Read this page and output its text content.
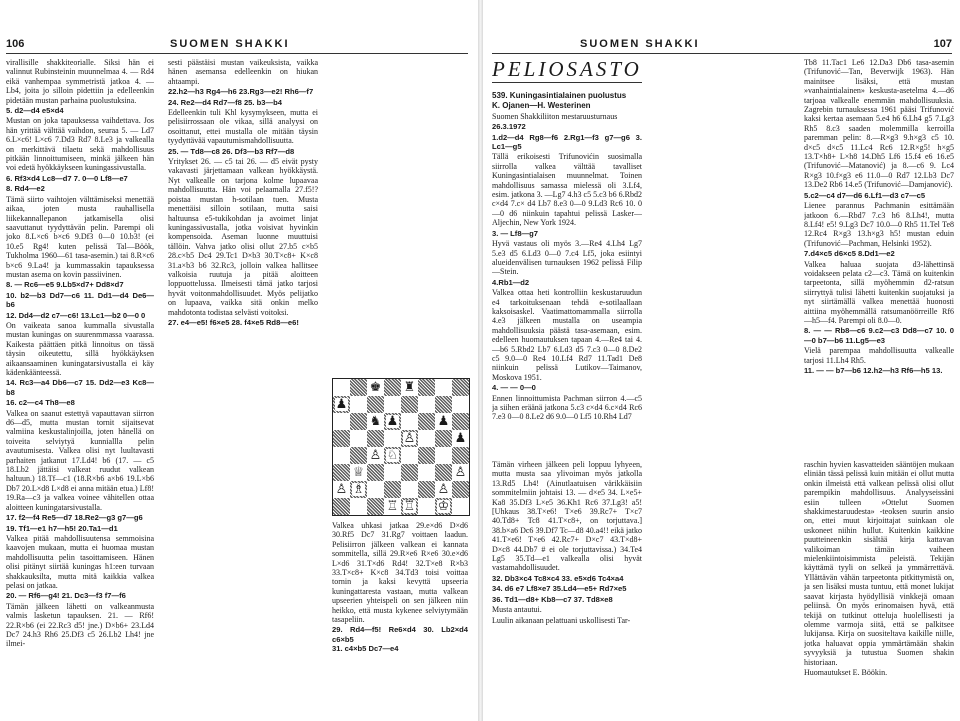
106	SUOMEN SHAKKI

virallisille shakkiteorialle. Siksi hän ei valinnut Rubinsteinin muunnelmaa 4. — Rd4 eikä vanhempaa symmetristä jatkoa 4. — Lb4, joita jo silloin pidettiin ja edelleenkin pidetään mustan parhaina puolustuksina.

5. d2—d4 e5×d4

Mustan on joka tapauksessa vaihdettava. Jos hän yrittää välttää vaihdon, seuraa 5. — Ld7 6.L×c6! L×c6 7.Dd3 Rd7 8.Le3 ja valkealla on merkittävä tilaetu sekä mahdollisuus pitkään linnoittumiseen, minkä jälkeen hän voi edetä hyökkäykseen kuningassivustalla.

6. Rf3×d4 Lc8—d7 7. 0—0 Lf8—e7

8. Rd4—e2

Tämä siirto vaihtojen välttämiseksi menettää aikaa, joten musta rauhallisella liikekannallepanon jatkamisella olisi saavuttanut tyydyttävän pelin. Parempi oli joko 8.L×c6 b×c6 9.Df3 0—0 10.b3! (ei 10.e5 Rg4! kuten pelissä Tal—Böök, Tukholma 1960—61 tasa-asemin.) tai 8.R×c6 b×c6 9.La4! ja kummassakin tapauksessa mustan asema on kovin passiivinen.

8. — Rc6—e5 9.Lb5×d7+ Dd8×d7

10. b2—b3 Dd7—c6 11. Dd1—d4 De6—b6

12. Dd4—d2 c7—c6! 13.Lc1—b2 0—0 0

On vaikeata sanoa kummalla sivustalla mustan kuningas on suurenmmassa vaarassa. Kaikesta päättäen pitkä linnoitus on tässä täysin oikeutettu, sillä hyökkäyksen aikaansaaminen kuningatarsivustalla ei käy kädenkäänteessä.

14. Rc3—a4 Db6—c7 15. Dd2—e3 Kc8—b8

16. c2—c4 Th8—e8

Valkea on saanut estettyä vapauttavan siirron d6—d5, mutta mustan tornit sijaitsevat valmiina keskustalinjoilla, joten hänellä on toiveita selviytyä kunniallla pelin avautumisesta. Valkea olisi nyt luultavasti parhaiten jatkanut 17.Ld4! b6 (17. — c5 18.Lb2 jättäisi valkeat ruudut valkean haltuun.) 18.Tf—c1 (18.R×b6 a×b6 19.L×b6 Db7 20.L×d8 L×d8 ei anna mitään etua.) Lf8! 19.Ra—c3 ja valkea voinee vähitellen ottaa aloitteen kuningatarsivustalla.

17. f2—f4 Re5—d7 18.Re2—g3 g7—g6

19. Tf1—e1 h7—h5! 20.Ta1—d1

Valkea pitää mahdollisuutensa semmoisina kaavojen mukaan, mutta ei huomaa mustan mahdollisuutta pelin tasoittamiseen. Hänen olisi pitänyt siirtää kuningas h1:een turvaan shakkauksilta, mutta mitä kaikkia valkea pelasi on jatkaa.

20. — Rf6—g4! 21. Dc3—f3 f7—f6

Tämän jälkeen lähetti on valkeanmusta valmis lasketun tapauksen. 21. — Rf6! 22.R×b6 (ei 22.Rc3 d5! jne.) D×b6+ 23.Ld4 Dc7 24.h3 Rh6 25.Df3 c5 26.Lb2 Lh4! jne ilmei-

sesti päästäisi mustan vaikeuksista, vaikka hänen asemansa edelleenkin on hiukan ahtaampi.

22.h2—h3 Rg4—h6 23.Rg3—e2! Rh6—f7

24. Re2—d4 Rd7—f8 25. b3—b4

Edelleenkin tuli Khl kysymykseen, mutta ei pelisiirrossaan ole vikaa, sillä analyysi on osoittanut, ettei mustalla ole mitään täysin tyydyttävää vapautumismahdollisuutta.

25. — Td8—c8 26. Df3—b3 Rf7—d8

Yritykset 26. — c5 tai 26. — d5 eivät pysty vakavasti järjettamaan valkean hyökkäystä. Nyt valkealle on tarjona kolme lupaavaa mahdollisuutta. Hän voi pelaamalla 27.f5!? poistaa mustan h-sotilaan tuen. Musta menettäisi silloin sotilaan, mutta saisi haltuunsa e5-tukikohdan ja avoimet linjat kuningassivustalla, jotka voisivat hyvinkin kompensoida. Aseman luonne muuttuisi tällöin. Vahva jatko olisi ollut 27.b5 c×b5 28.c×b5 Dc4 29.Tc1 D×b3 30.T×c8+ K×c8 31.a×b3 b6 32.Rc3, jolloin valkea hallitsee valkoisia ruutuja ja pitää aloitteen loppuottelussa. Ilmeisesti tämä jatko tarjosi hyvät voitonmahdollisuudet. Myös pelijatko on lupaava, vaikka sitä onkin melko mahdotonta todistaa selvästi voitoksi.

27. e4—e5! f6×e5 28. f4×e5 Rd8—e6!

♚ ♜
♟
♞ ♟	♟
♙	♟
♙ ♘
♕	♙
♙ ♗	♙
♖ ♖ ♔

Valkea uhkasi jatkaa 29.e×d6 D×d6 30.Rf5 Dc7 31.Rg7 voittaen laadun. Pelisiirron jälkeen valkean ei kannata sommitella, sillä 29.R×e6 R×e6 30.e×d6 L×d6 31.T×d6 Rd4! 32.T×e8 R×b3 33.T×c8+ K×c8 34.Td3 toisi voittaa tornin ja kaksi kevyttä upseeria kuningattaresta vastaan, mutta valkean upseerien yhteispeli on sen jälkeen niin heikko, että musta kykenee selviytymään tasapeliin.

29. Rd4—f5! Re6×d4 30. Lb2×d4 c6×b5

31. c4×b5 Dc7—e4

SUOMEN SHAKKI	107
PELIOSASTO

539. Kuningasintialainen puolustus

K. Ojanen—H. Westerinen

Suomen Shakkiliiton mestaruusturnaus

26.3.1972

1.d2—d4 Rg8—f6 2.Rg1—f3 g7—g6 3. Lc1—g5

Tällä erikoisesti Trifunovićin suosimalla siirrolla valkea välttää tavalliset Kuningasintialaisen muunnelmat. Toinen mahdollisuus samassa mielessä oli 3.Lf4, esim. jatkona 3. —Lg7 4.h3 c5 5.c3 b6 6.Rbd2 c×d4 7.c× d4 Lb7 8.e3 0—0 9.Ld3 Rc6 10. 0—0 d6 niinkuin tapahtui pelissä Lasker—Aljechin, New York 1924.

3. — Lf8—g7

Hyvä vastaus oli myös 3.—Re4 4.Lh4 Lg7 5.e3 d5 6.Ld3 0—0 7.c4 Lf5, joka esiintyi alueidenvälisen turnauksen 1962 pelissä Filip—Stein.

4.Rb1—d2

Valkea ottaa heti kontrolliin keskustaruudun e4 tarkoituksenaan tehdä e-sotilaallaan kaksoisaskel. Vaatimattomammalla siirrolla 4.e3 jälkeen mustalla on useampia mahdollisuuksia päästä tasa-asemaan, esim. edelleen huomautuksen tapaan 4.—Re4 tai 4.—b6 5.Rbd2 Lb7 6.Ld3 d5 7.c3 0—0 8.De2 c5 9.0—0 Re4 10.Lf4 Rd7 11.Tad1 De8 niinkuin pelissä Lutikov—Taimanov, Moskova 1951.

4. — — 0—0

Ennen linnoittumista Pachman siirron 4.—c5 ja siihen eräänä jatkona 5.c3 c×d4 6.c×d4 Rc6 7.e3 0—0 8.Le2 d6 9.0—0 Lf5 10.Rh4 Ld7

Tb8 11.Tac1 Le6 12.Da3 Db6 tasa-asemin (Trifunović—Tan, Beverwijk 1963). Hän mainitsee lisäksi, että mustan »vanhaintialainen» keskusta-asetelma 4.—d6 tarjoaa valkealle enemmän mahdollisuuksia. Zagrebin turnauksessa 1961 pääsi Trifunović kaksi kertaa asemaan 5.e4 h6 6.Lh4 g5 7.Lg3 Rh5 8.c3 saaden molemmilla kerroilla paremman pelin: 8.—R×g3 9.h×g3 c5 10. d×c5 d×c5 11.Lc4 Rc6 12.R×g5! h×g5 13.T×h8+ L×h8 14.Dh5 Lf6 15.f4 e6 16.e5 (Trifunović—Matanović) ja 8.—c6 9. Lc4 R×g3 10.f×g3 e6 11.0—0 Rd7 12.Lb3 Dc7 13.De2 Rb6 14.e5 (Trifunović—Damjanović).

5.c2—c4 d7—d6 6.Lf1—d3 c7—c5

Lienee parannus Pachmanin esittämään jatkoon 6.—Rbd7 7.c3 h6 8.Lh4!, mutta 8.Lf4! e5! 9.Lg3 Dc7 10.0—0 Rh5 11.Tel Te8 12.Rc4 R×g3 13.h×g3 h5! mustan eduin (Trifunović—Pachman, Helsinki 1952).

7.d4×c5 d6×c5 8.Dd1—e2

Valkea haluaa suojata d3-lähettinsä voidakseen pelata c2—c3. Tämä on kuitenkin tarpeetonta, sillä myöhemmin d2-ratsun siirryttyä tulisi lähetti kuitenkin suojatuksi ja nyt siirtämällä valkea menettää huonosti aittiina myöhemmällä ratsumanöörreille Rf6 —h5—f4. Parempi oli 8.0—0.

8. — — Rb8—c6 9.c2—c3 Dd8—c7 10. 0—0 b7—b6 11.Lg5—e3

Vielä parempaa mahdollisuutta valkealle tarjosi 11.Lh4 Rh5.

11. — — b7—b6 12.h2—h3 Rf6—h5 13.

Tämän virheen jälkeen peli loppuu lyhyeen, mutta musta saa ylivoiman myös jatkolla 13.Rd5 Lh4! (Ainutlaatuisen värikkäisiin sommitelmiin johtaisi 13. — d×e5 34. L×e5+ Ka8 35.Df3 L×e5 36.Kh1 Rc6 37.Lg3! a5! [Uhkaus 38.T×e6! T×e6 39.Rc7+ T×c7 40.Td8+ Tc8 41.T×c8+, on torjuttava.] 38.b×a6 Dc6 39.Df7 Tc—d8 40.a4!! eikä jatko 41.T×e6! T×e6 42.Rc7+ D×c7 43.T×d8+ D×c8 44.Db7 # ei ole torjuttavissa.) 34.Te4 Lg5 35.Td—e1 valkealla olisi hyvät vastamahdollisuudet.

32. Db3×c4 Tc8×c4 33. e5×d6 Tc4×a4

34. d6 e7 Lf8×e7 35.Ld4—e5+ Rd7×e5

36. Td1—d8+ Kb8—c7 37. Td8×e8

Musta antautui.

Luulin aikanaan pelattuani uskollisesti Tar-

raschin hyvien kasvatteiden sääntöjen mukaan eliniän tässä pelissä kuin mitään ei ollut mutta onkin ilmeistä että valkean pelissä olisi ollut parempikin mahdollisuus. Analyyseissäni esiin tulleen »Ottelut Suomen shakkimestaruudesta» -teoksen suurin ansio on, ettei muut kirjoittajat suinkaan ole uskoneet niihin hullut. Kuitenkin kaikkine puutteineenkin sisältää kirja kattavan valikoiman tämän vaiheen mielenkiintoisimmista peleistä. Tekijän käyttämä tyyli on selkeä ja ymmärrettävä. Yllättävän vähän tarpeetonta pitkittymistä on, ja sen lisäksi musta tuntuu, että monet lukijat saavat kirjasta hyödyllisiä vinkkejä omaan peliinsä. On myös erinomaisen hyvä, että tekijä on tutkinut otteluja huolellisesti ja olemme varmoja siitä, että se palkitsee lukijansa. Kirja on suositeltava kaikille niille, jotka haluavat oppia ymmärtämään shakin syvyyksiä ja tutustua Suomen shakin historiaan.

Huomautukset E. Böökin.
